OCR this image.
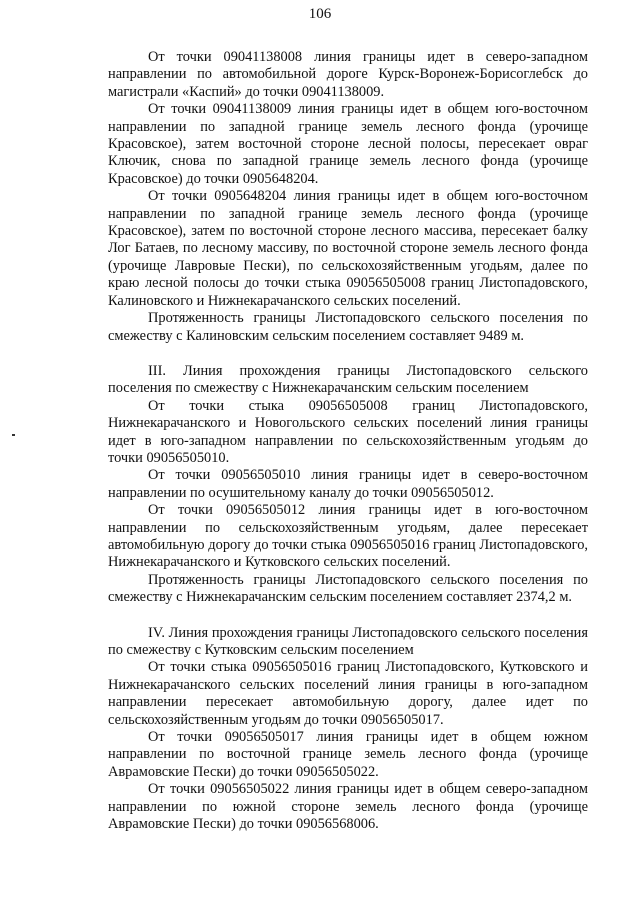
106

От точки 09041138008 линия границы идет в северо-западном направлении по автомобильной дороге Курск-Воронеж-Борисоглебск до магистрали «Каспий» до точки 09041138009.

От точки 09041138009 линия границы идет в общем юго-восточном направлении по западной границе земель лесного фонда (урочище Красовское), затем восточной стороне лесной полосы, пересекает овраг Ключик, снова по западной границе земель лесного фонда (урочище Красовское) до точки 0905648204.

От точки 0905648204 линия границы идет в общем юго-восточном направлении по западной границе земель лесного фонда (урочище Красовское), затем по восточной стороне лесного массива, пересекает балку Лог Батаев, по лесному массиву, по восточной стороне земель лесного фонда (урочище Лавровые Пески), по сельскохозяйственным угодьям, далее по краю лесной полосы до точки стыка 09056505008 границ Листопадовского, Калиновского и Нижнекарачанского сельских поселений.

Протяженность границы Листопадовского сельского поселения по смежеству с Калиновским сельским поселением составляет 9489 м.

III. Линия прохождения границы Листопадовского сельского поселения по смежеству с Нижнекарачанским сельским поселением

От точки стыка 09056505008 границ Листопадовского, Нижнекарачанского и Новогольского сельских поселений линия границы идет в юго-западном направлении по сельскохозяйственным угодьям до точки 09056505010.

От точки 09056505010 линия границы идет в северо-восточном направлении по осушительному каналу до точки 09056505012.

От точки 09056505012 линия границы идет в юго-восточном направлении по сельскохозяйственным угодьям, далее пересекает автомобильную дорогу до точки стыка 09056505016 границ Листопадовского, Нижнекарачанского и Кутковского сельских поселений.

Протяженность границы Листопадовского сельского поселения по смежеству с Нижнекарачанским сельским поселением составляет 2374,2 м.

IV. Линия прохождения границы Листопадовского сельского поселения по смежеству с Кутковским сельским поселением

От точки стыка 09056505016 границ Листопадовского, Кутковского и Нижнекарачанского сельских поселений линия границы в юго-западном направлении пересекает автомобильную дорогу, далее идет по сельскохозяйственным угодьям до точки 09056505017.

От точки 09056505017 линия границы идет в общем южном направлении по восточной границе земель лесного фонда (урочище Аврамовские Пески) до точки 09056505022.

От точки 09056505022 линия границы идет в общем северо-западном направлении по южной стороне земель лесного фонда (урочище Аврамовские Пески) до точки 09056568006.
